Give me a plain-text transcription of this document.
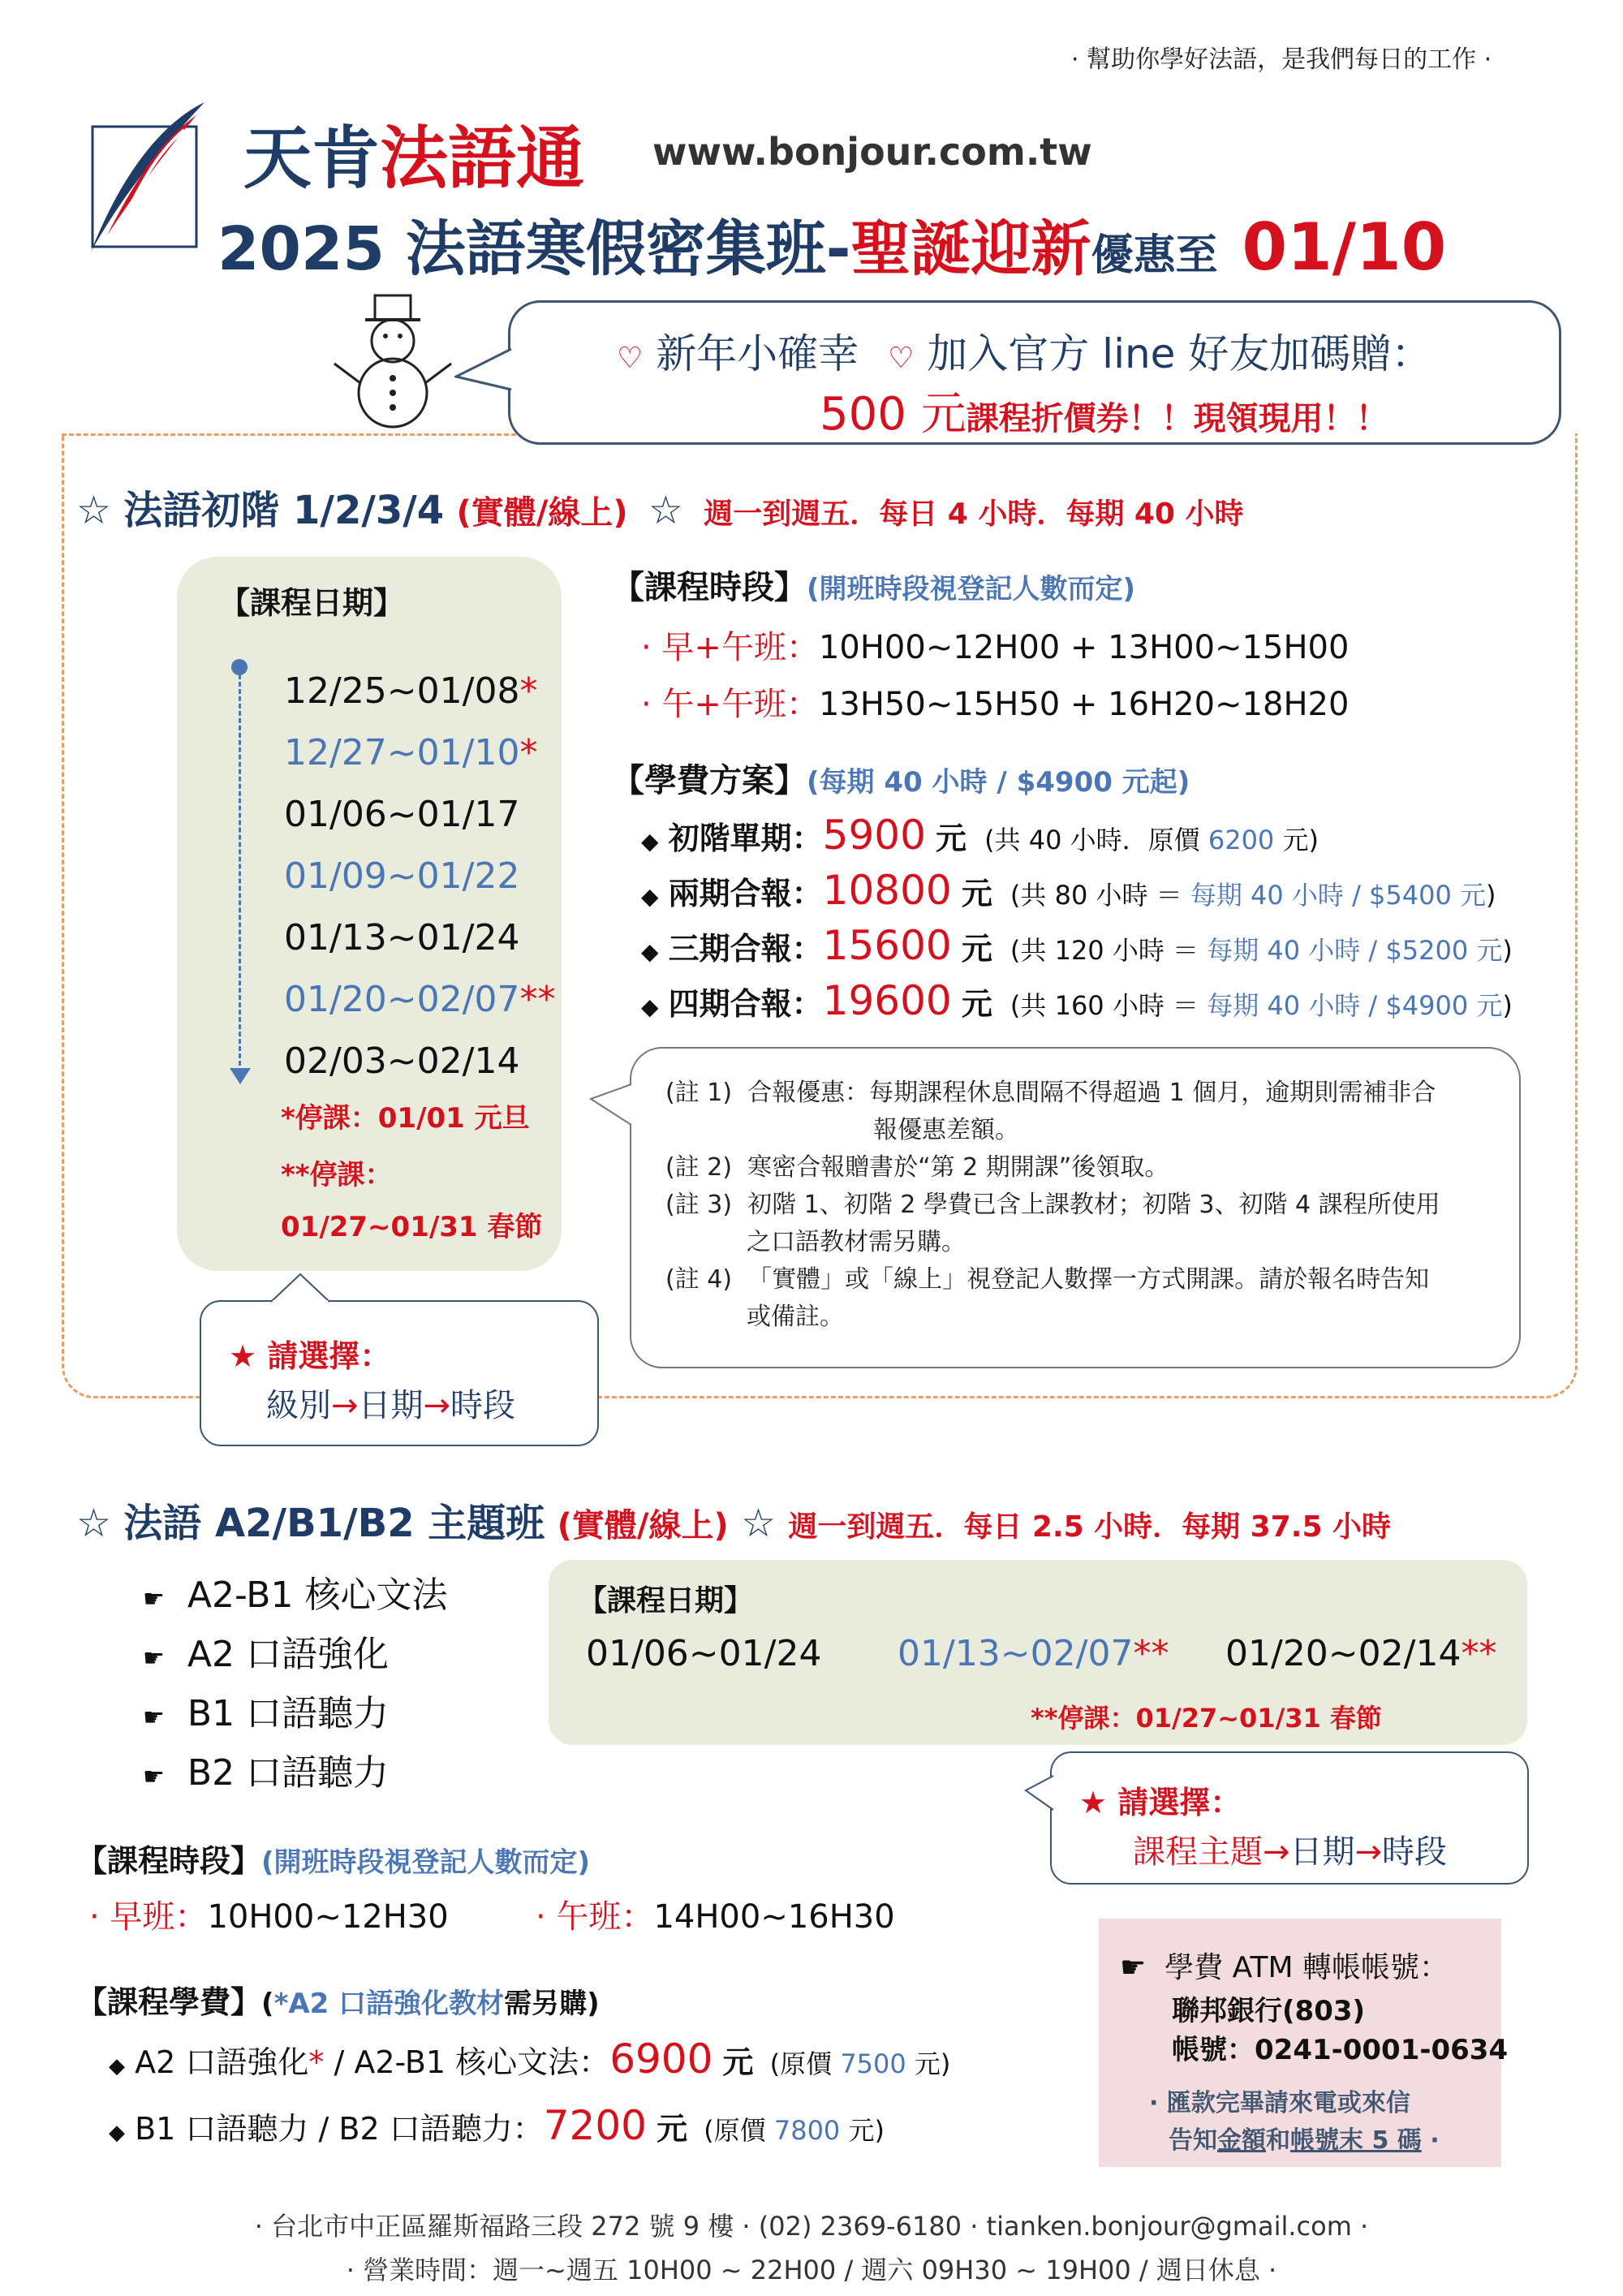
· 幫助你學好法語，是我們每日的工作 ·
天肯法語通 www.bonjour.com.tw
2025 法語寒假密集班-聖誕迎新優惠至 01/10
♡ 新年小確幸 ♡ 加入官方 line 好友加碼贈：
500 元課程折價券！！現領現用！！
☆ 法語初階 1/2/3/4 (實體/線上) ☆ 週一到週五．每日 4 小時．每期 40 小時
【課程日期】
12/25~01/08*
12/27~01/10*
01/06~01/17
01/09~01/22
01/13~01/24
01/20~02/07**
02/03~02/14
*停課：01/01 元旦
**停課：
01/27~01/31 春節
【課程時段】(開班時段視登記人數而定)
· 早+午班：10H00~12H00 + 13H00~15H00
· 午+午班：13H50~15H50 + 16H20~18H20
【學費方案】(每期 40 小時 / $4900 元起)
◆ 初階單期：5900 元 (共 40 小時．原價 6200 元)
◆ 兩期合報：10800 元 (共 80 小時 ＝ 每期 40 小時 / $5400 元)
◆ 三期合報：15600 元 (共 120 小時 ＝ 每期 40 小時 / $5200 元)
◆ 四期合報：19600 元 (共 160 小時 ＝ 每期 40 小時 / $4900 元)
(註 1) 合報優惠：每期課程休息間隔不得超過 1 個月，逾期則需補非合
報優惠差額。
(註 2) 寒密合報贈書於“第 2 期開課”後領取。
(註 3) 初階 1、初階 2 學費已含上課教材；初階 3、初階 4 課程所使用
之口語教材需另購。
(註 4) 「實體」或「線上」視登記人數擇一方式開課。請於報名時告知
或備註。
★ 請選擇：
級別→日期→時段
☆ 法語 A2/B1/B2 主題班 (實體/線上) ☆ 週一到週五．每日 2.5 小時．每期 37.5 小時
☛ A2-B1 核心文法
☛ A2 口語強化
☛ B1 口語聽力
☛ B2 口語聽力
【課程日期】
01/06~01/24 01/13~02/07** 01/20~02/14**
**停課：01/27~01/31 春節
★ 請選擇：
課程主題→日期→時段
【課程時段】(開班時段視登記人數而定)
· 早班：10H00~12H30	· 午班：14H00~16H30
【課程學費】(*A2 口語強化教材需另購)
◆ A2 口語強化* / A2-B1 核心文法：6900 元 (原價 7500 元)
◆ B1 口語聽力 / B2 口語聽力：7200 元 (原價 7800 元)
☛ 學費 ATM 轉帳帳號：
聯邦銀行(803)
帳號：0241-0001-0634
· 匯款完畢請來電或來信
告知金額和帳號末 5 碼 ·
· 台北市中正區羅斯福路三段 272 號 9 樓 · (02) 2369-6180 · tianken.bonjour@gmail.com ·
· 營業時間：週一~週五 10H00 ~ 22H00 / 週六 09H30 ~ 19H00 / 週日休息 ·
